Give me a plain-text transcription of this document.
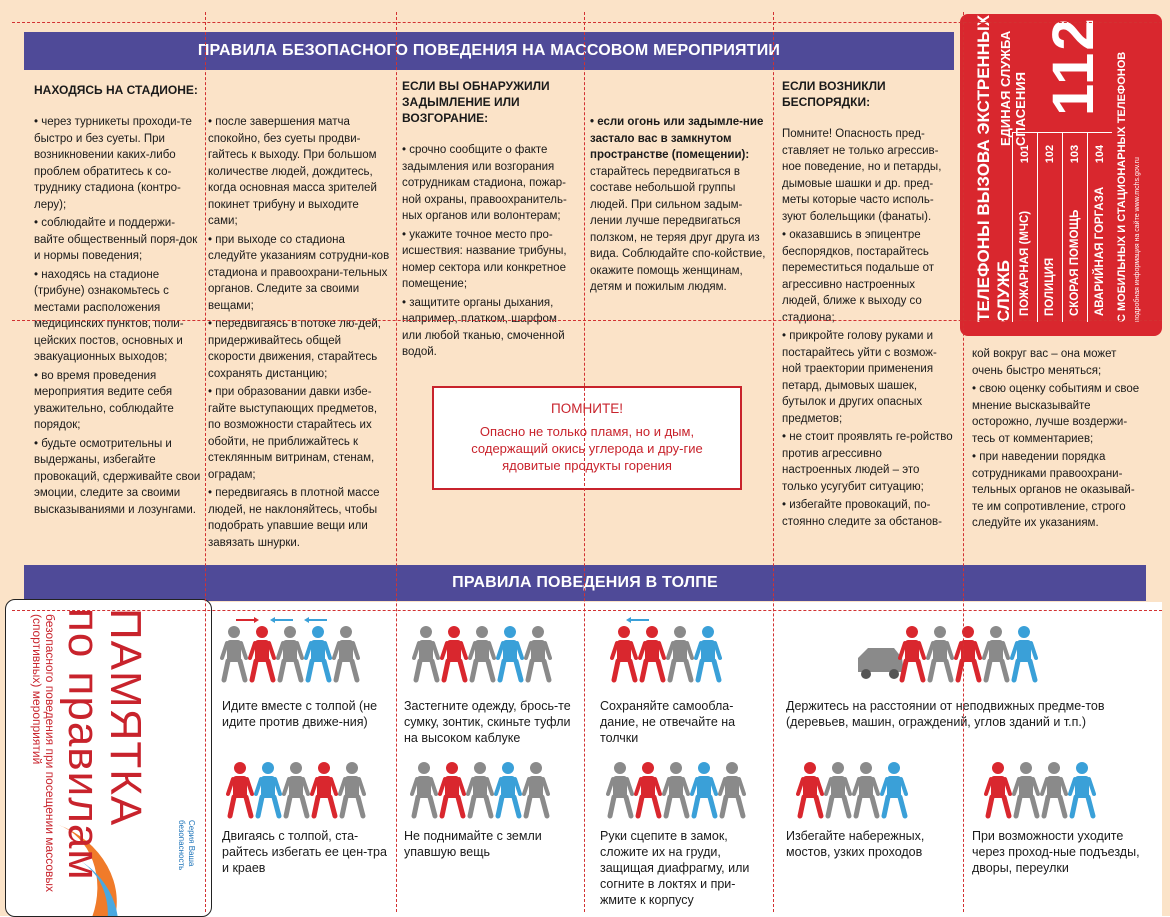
ПРАВИЛА БЕЗОПАСНОГО ПОВЕДЕНИЯ НА МАССОВОМ МЕРОПРИЯТИИ
НАХОДЯСЬ НА СТАДИОНЕ:

• через турникеты проходи-те быстро и без суеты. При возникновении каких-либо проблем обратитесь к со-труднику стадиона (контро-леру);

• соблюдайте и поддержи-вайте общественный поря-док и нормы поведения;

• находясь на стадионе (трибуне) ознакомьтесь с местами расположения медицинских пунктов, поли-цейских постов, основных и эвакуационных выходов;

• во время проведения мероприятия ведите себя уважительно, соблюдайте порядок;

• будьте осмотрительны и выдержаны, избегайте провокаций, сдерживайте свои эмоции, следите за своими высказываниями и лозунгами.

• после завершения матча спокойно, без суеты продви-гайтесь к выходу. При большом количестве людей, дождитесь, когда основная масса зрителей покинет трибуну и выходите сами;

• при выходе со стадиона следуйте указаниям сотрудни-ков стадиона и правоохрани-тельных органов. Следите за своими вещами;

• передвигаясь в потоке лю-дей, придерживайтесь общей скорости движения, старайтесь сохранять дистанцию;

• при образовании давки избе-гайте выступающих предметов, по возможности старайтесь их обойти, не приближайтесь к стеклянным витринам, стенам, оградам;

• передвигаясь в плотной массе людей, не наклоняйтесь, чтобы подобрать упавшие вещи или завязать шнурки.

ЕСЛИ ВЫ ОБНАРУЖИЛИ ЗАДЫМЛЕНИЕ ИЛИ ВОЗГОРАНИЕ:

• срочно сообщите о факте задымления или возгорания сотрудникам стадиона, пожар-ной охраны, правоохранитель-ных органов или волонтерам;

• укажите точное место про-исшествия: название трибуны, номер сектора или конкретное помещение;

• защитите органы дыхания, например, платком, шарфом или любой тканью, смоченной водой.

• если огонь или задымле-ние застало вас в замкнутом пространстве (помещении): старайтесь передвигаться в составе небольшой группы людей. При сильном задым-лении лучше передвигаться ползком, не теряя друг друга из вида. Соблюдайте спо-койствие, окажите помощь женщинам, детям и пожилым людям.

ЕСЛИ ВОЗНИКЛИ БЕСПОРЯДКИ:

Помните! Опасность пред-ставляет не только агрессив-ное поведение, но и петарды, дымовые шашки и др. пред-меты которые часто исполь-зуют болельщики (фанаты).

• оказавшись в эпицентре беспорядков, постарайтесь переместиться подальше от агрессивно настроенных людей, ближе к выходу со стадиона;

• прикройте голову руками и постарайтесь уйти с возмож-ной траектории применения петард, дымовых шашек, бутылок и других опасных предметов;

• не стоит проявлять ге-ройство против агрессивно настроенных людей – это только усугубит ситуацию;

• избегайте провокаций, по-стоянно следите за обстанов-

кой вокруг вас – она может очень быстро меняться;

• свою оценку событиям и свое мнение высказывайте осторожно, лучше воздержи-тесь от комментариев;

• при наведении порядка сотрудниками правоохрани-тельных органов не оказывай-те им сопротивление, строго следуйте их указаниям.

ПОМНИТЕ!
Опасно не только пламя, но и дым, содержащий окись углерода и дру-гие ядовитые продукты горения
ТЕЛЕФОНЫ ВЫЗОВА ЭКСТРЕННЫХ СЛУЖБ
ЕДИНАЯ СЛУЖБА СПАСЕНИЯ 112
ПОЖАРНАЯ (МЧС)
101
ПОЛИЦИЯ
102
СКОРАЯ ПОМОЩЬ
103
АВАРИЙНАЯ ГОРГАЗА
104 С МОБИЛЬНЫХ И СТАЦИОНАРНЫХ ТЕЛЕФОНОВ подробная информация на сайте www.mchs.gov.ru
ПРАВИЛА ПОВЕДЕНИЯ В ТОЛПЕ
ПАМЯТКА
по правилам
безопасного поведения при посещении массовых (спортивных) мероприятий
Серия Ваша безопасность
Идите вместе с толпой (не идите против движе-ния)
Застегните одежду, брось-те сумку, зонтик, скиньте туфли на высоком каблуке
Сохраняйте самообла-дание, не отвечайте на толчки
Держитесь на расстоянии от неподвижных предме-тов (деревьев, машин, ограждений, углов зданий и т.п.)
Двигаясь с толпой, ста-райтесь избегать ее цен-тра и краев
Не поднимайте с земли упавшую вещь
Руки сцепите в замок, сложите их на груди, защищая диафрагму, или согните в локтях и при-жмите к корпусу
Избегайте набережных, мостов, узких проходов
При возможности уходите через проход-ные подъезды, дворы, переулки
